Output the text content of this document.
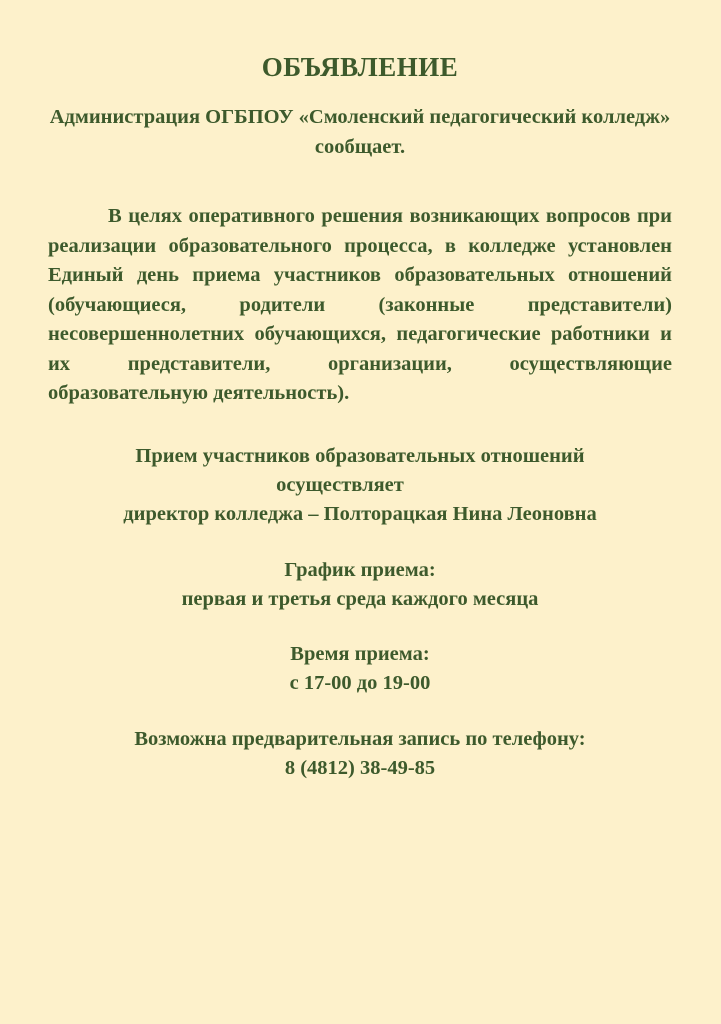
ОБЪЯВЛЕНИЕ

Администрация ОГБПОУ «Смоленский педагогический колледж» сообщает.

В целях оперативного решения возникающих вопросов при реализации образовательного процесса, в колледже установлен Единый день приема участников образовательных отношений (обучающиеся, родители (законные представители) несовершеннолетних обучающихся, педагогические работники и их представители, организации, осуществляющие образовательную деятельность).

Прием участников образовательных отношений
осуществляет
директор колледжа – Полторацкая Нина Леоновна
График приема:
первая и третья среда каждого месяца
Время приема:
с 17-00 до 19-00
Возможна предварительная запись по телефону:
8 (4812) 38-49-85
